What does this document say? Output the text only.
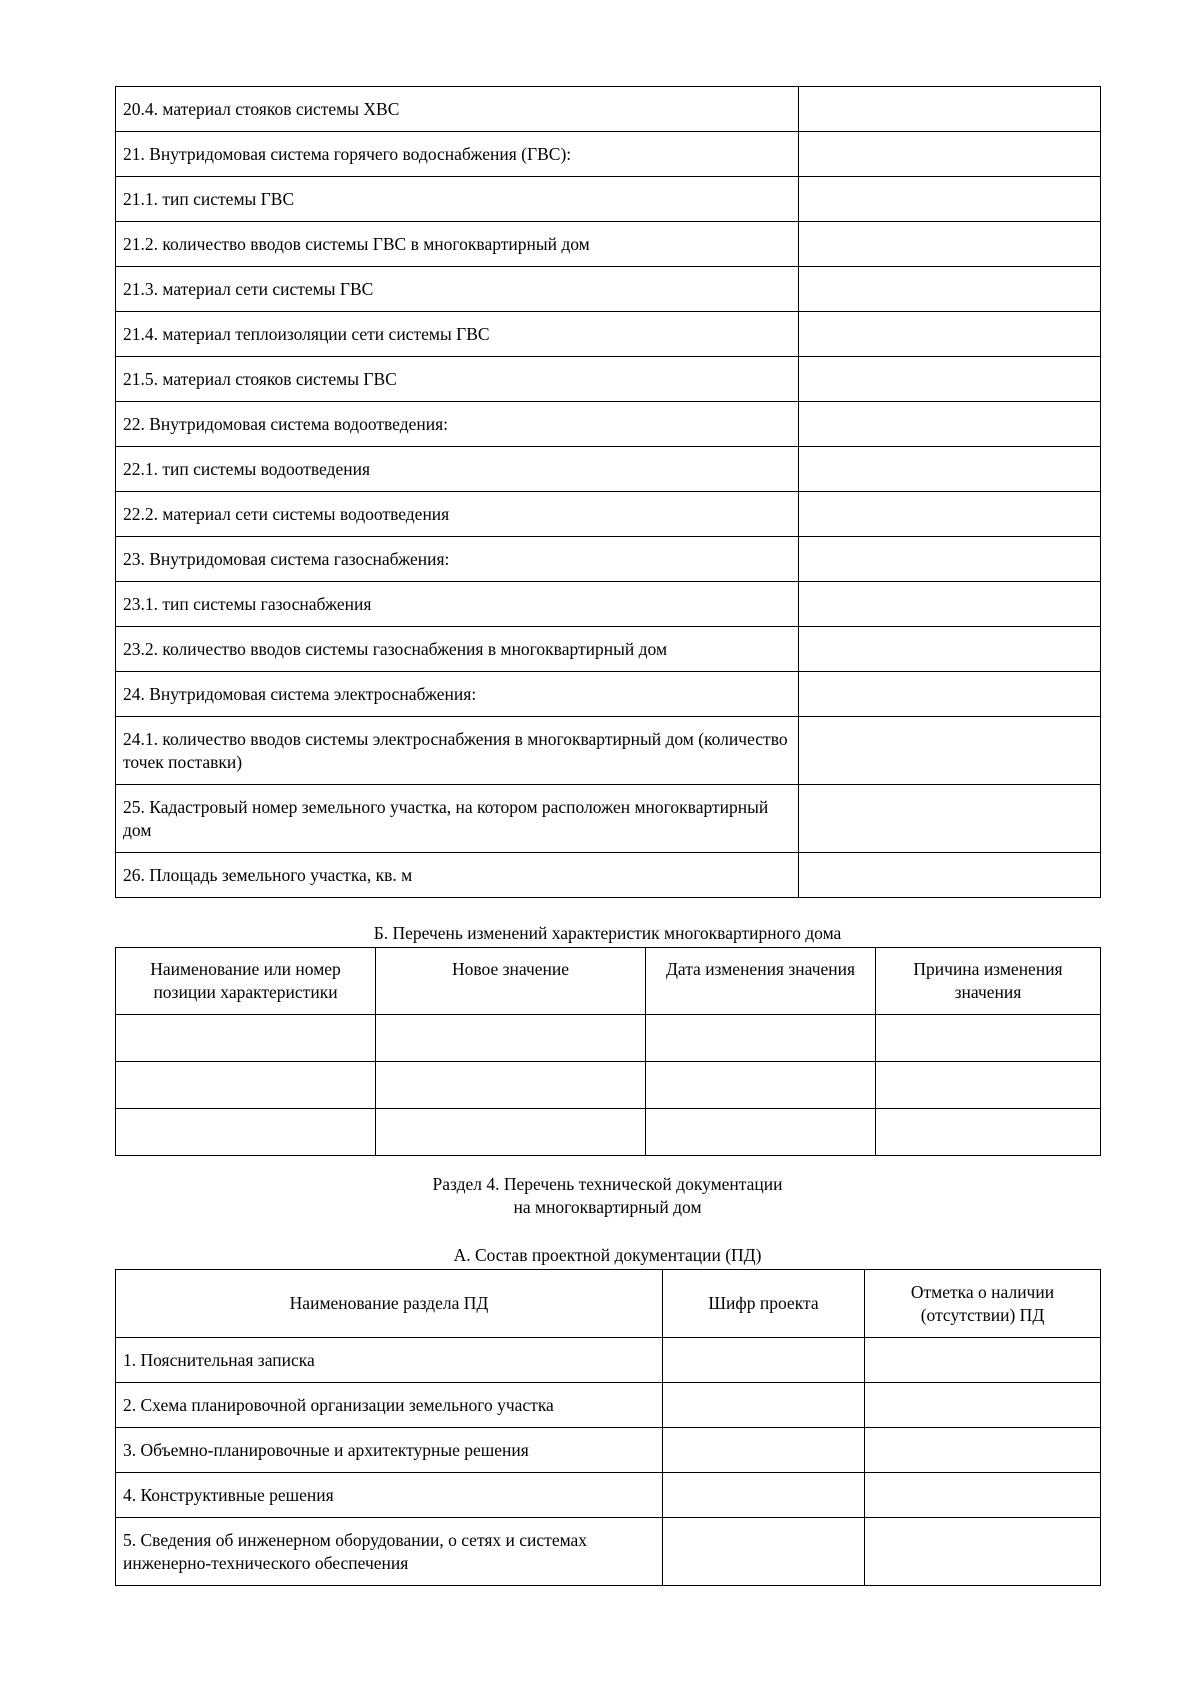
20.4. материал стояков системы ХВС	
21. Внутридомовая система горячего водоснабжения (ГВС):	
21.1. тип системы ГВС	
21.2. количество вводов системы ГВС в многоквартирный дом	
21.3. материал сети системы ГВС	
21.4. материал теплоизоляции сети системы ГВС	
21.5. материал стояков системы ГВС	
22. Внутридомовая система водоотведения:	
22.1. тип системы водоотведения	
22.2. материал сети системы водоотведения	
23. Внутридомовая система газоснабжения:	
23.1. тип системы газоснабжения	
23.2. количество вводов системы газоснабжения в многоквартирный дом	
24. Внутридомовая система электроснабжения:	
24.1. количество вводов системы электроснабжения в многоквартирный дом (количество точек поставки)	
25. Кадастровый номер земельного участка, на котором расположен многоквартирный дом	
26. Площадь земельного участка, кв. м	
Б. Перечень изменений характеристик многоквартирного дома
Наименование или номер позиции характеристики	Новое значение	Дата изменения значения	Причина изменения значения

Раздел 4. Перечень технической документации
на многоквартирный дом
А. Состав проектной документации (ПД)
Наименование раздела ПД	Шифр проекта	Отметка о наличии (отсутствии) ПД
1. Пояснительная записка		
2. Схема планировочной организации земельного участка		
3. Объемно-планировочные и архитектурные решения		
4. Конструктивные решения		
5. Сведения об инженерном оборудовании, о сетях и системах инженерно-технического обеспечения		
